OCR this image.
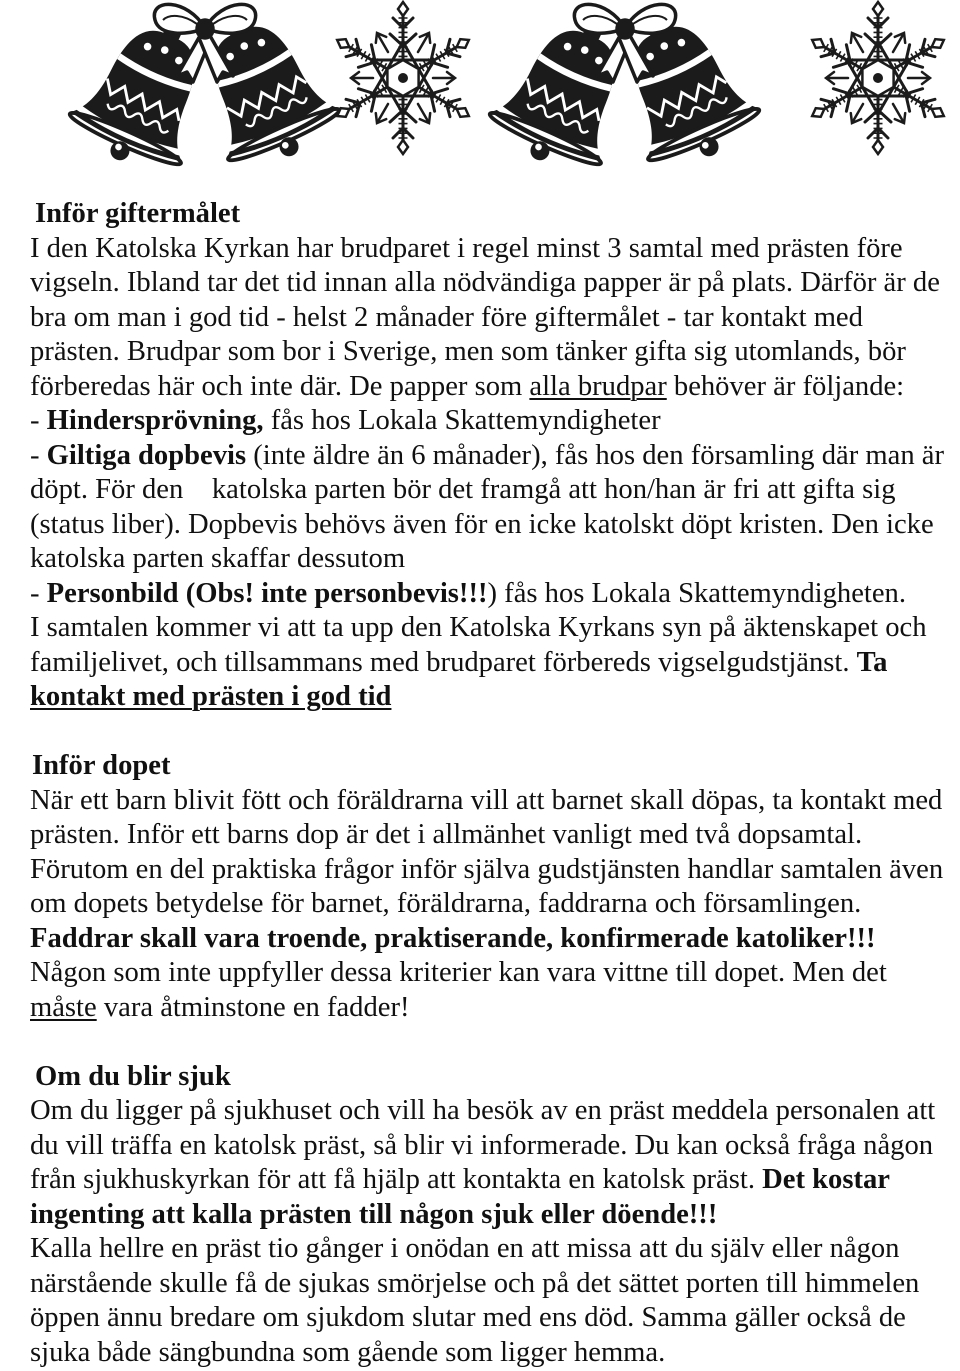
Inför giftermålet
I den Katolska Kyrkan har brudparet i regel minst 3 samtal med prästen före
vigseln. Ibland tar det tid innan alla nödvändiga papper är på plats. Därför är de
bra om man i god tid - helst 2 månader före giftermålet - tar kontakt med
prästen. Brudpar som bor i Sverige, men som tänker gifta sig utomlands, bör
förberedas här och inte där. De papper som alla brudpar behöver är följande:
- Hindersprövning, fås hos Lokala Skattemyndigheter
- Giltiga dopbevis (inte äldre än 6 månader), fås hos den församling där man är
döpt. För den    katolska parten bör det framgå att hon/han är fri att gifta sig
(status liber). Dopbevis behövs även för en icke katolskt döpt kristen. Den icke
katolska parten skaffar dessutom
- Personbild (Obs! inte personbevis!!!) fås hos Lokala Skattemyndigheten.
I samtalen kommer vi att ta upp den Katolska Kyrkans syn på äktenskapet och
familjelivet, och tillsammans med brudparet förbereds vigselgudstjänst. Ta
kontakt med prästen i god tid
Inför dopet
När ett barn blivit fött och föräldrarna vill att barnet skall döpas, ta kontakt med
prästen. Inför ett barns dop är det i allmänhet vanligt med två dopsamtal.
Förutom en del praktiska frågor inför själva gudstjänsten handlar samtalen även
om dopets betydelse för barnet, föräldrarna, faddrarna och församlingen.
Faddrar skall vara troende, praktiserande, konfirmerade katoliker!!!
Någon som inte uppfyller dessa kriterier kan vara vittne till dopet. Men det
måste vara åtminstone en fadder!
Om du blir sjuk
Om du ligger på sjukhuset och vill ha besök av en präst meddela personalen att
du vill träffa en katolsk präst, så blir vi informerade. Du kan också fråga någon
från sjukhuskyrkan för att få hjälp att kontakta en katolsk präst. Det kostar
ingenting att kalla prästen till någon sjuk eller döende!!!
Kalla hellre en präst tio gånger i onödan en att missa att du själv eller någon
närstående skulle få de sjukas smörjelse och på det sättet porten till himmelen
öppen ännu bredare om sjukdom slutar med ens död. Samma gäller också de
sjuka både sängbundna som gående som ligger hemma.
